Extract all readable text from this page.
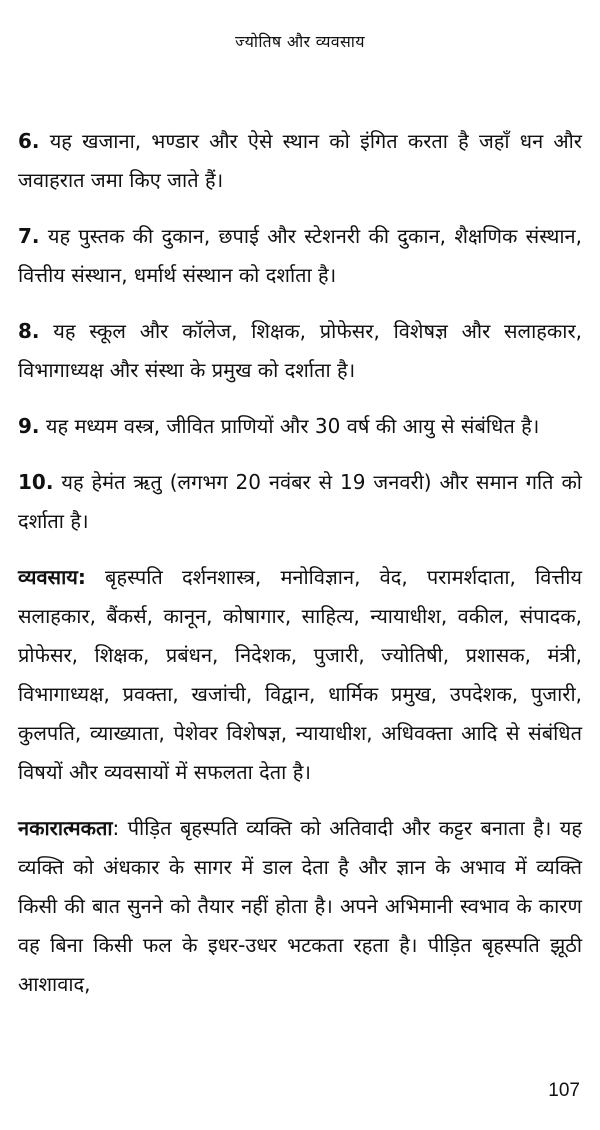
ज्योतिष और व्यवसाय

6. यह खजाना, भण्डार और ऐसे स्थान को इंगित करता है जहाँ धन और जवाहरात जमा किए जाते हैं।

7. यह पुस्तक की दुकान, छपाई और स्टेशनरी की दुकान, शैक्षणिक संस्थान, वित्तीय संस्थान, धर्मार्थ संस्थान को दर्शाता है।

8. यह स्कूल और कॉलेज, शिक्षक, प्रोफेसर, विशेषज्ञ और सलाहकार, विभागाध्यक्ष और संस्था के प्रमुख को दर्शाता है।

9. यह मध्यम वस्त्र, जीवित प्राणियों और 30 वर्ष की आयु से संबंधित है।

10. यह हेमंत ऋतु (लगभग 20 नवंबर से 19 जनवरी) और समान गति को दर्शाता है।

व्यवसाय: बृहस्पति दर्शनशास्त्र, मनोविज्ञान, वेद, परामर्शदाता, वित्तीय सलाहकार, बैंकर्स, कानून, कोषागार, साहित्य, न्यायाधीश, वकील, संपादक, प्रोफेसर, शिक्षक, प्रबंधन, निदेशक, पुजारी, ज्योतिषी, प्रशासक, मंत्री, विभागाध्यक्ष, प्रवक्ता, खजांची, विद्वान, धार्मिक प्रमुख, उपदेशक, पुजारी, कुलपति, व्याख्याता, पेशेवर विशेषज्ञ, न्यायाधीश, अधिवक्ता आदि से संबंधित विषयों और व्यवसायों में सफलता देता है।

नकारात्मकता: पीड़ित बृहस्पति व्यक्ति को अतिवादी और कट्टर बनाता है। यह व्यक्ति को अंधकार के सागर में डाल देता है और ज्ञान के अभाव में व्यक्ति किसी की बात सुनने को तैयार नहीं होता है। अपने अभिमानी स्वभाव के कारण वह बिना किसी फल के इधर-उधर भटकता रहता है। पीड़ित बृहस्पति झूठी आशावाद,

107
